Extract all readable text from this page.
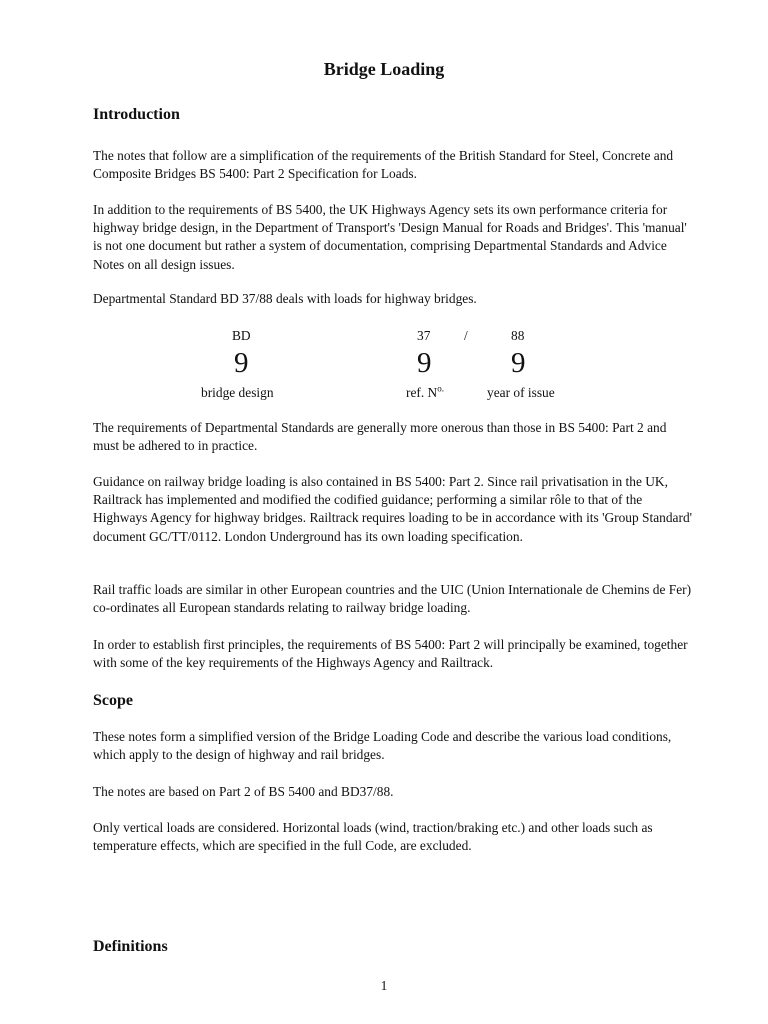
Bridge Loading
Introduction
The notes that follow are a simplification of the requirements of the British Standard for Steel, Concrete and Composite Bridges BS 5400: Part 2 Specification for Loads.
In addition to the requirements of BS 5400, the UK Highways Agency sets its own performance criteria for highway bridge design, in the Department of Transport's 'Design Manual for Roads and Bridges'. This 'manual' is not one document but rather a system of documentation, comprising Departmental Standards and Advice Notes on all design issues.
Departmental Standard BD 37/88 deals with loads for highway bridges.
BD	37	/	88
9	9	9
bridge design	ref. $N^{o.}$	year of issue
The requirements of Departmental Standards are generally more onerous than those in BS 5400: Part 2 and must be adhered to in practice.
Guidance on railway bridge loading is also contained in BS 5400: Part 2. Since rail privatisation in the UK, Railtrack has implemented and modified the codified guidance; performing a similar rôle to that of the Highways Agency for highway bridges. Railtrack requires loading to be in accordance with its 'Group Standard' document GC/TT/0112. London Underground has its own loading specification.
Rail traffic loads are similar in other European countries and the UIC (Union Internationale de Chemins de Fer) co-ordinates all European standards relating to railway bridge loading.
In order to establish first principles, the requirements of BS 5400: Part 2 will principally be examined, together with some of the key requirements of the Highways Agency and Railtrack.
Scope
These notes form a simplified version of the Bridge Loading Code and describe the various load conditions, which apply to the design of highway and rail bridges.
The notes are based on Part 2 of BS 5400 and BD37/88.
Only vertical loads are considered. Horizontal loads (wind, traction/braking etc.) and other loads such as temperature effects, which are specified in the full Code, are excluded.
Definitions
1
